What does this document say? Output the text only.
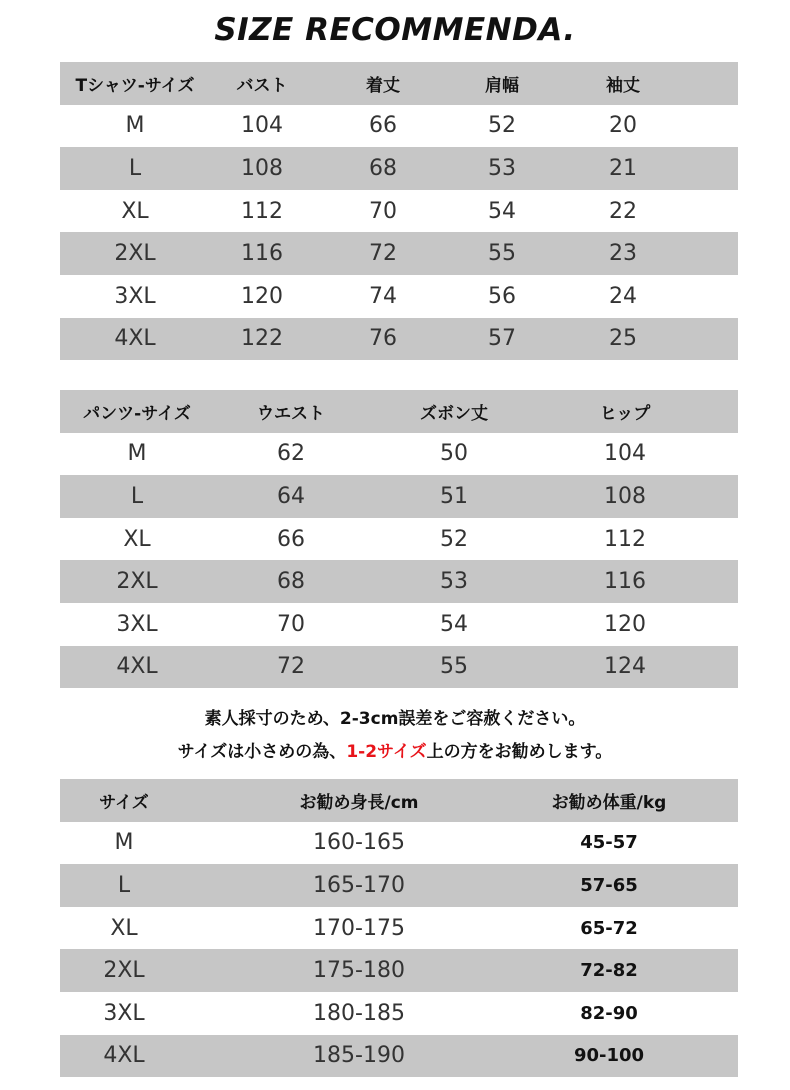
SIZE RECOMMENDA.
Tシャツ-サイズ	バスト	着丈	肩幅	袖丈
M	104	66	52	20
L	108	68	53	21
XL	112	70	54	22
2XL	116	72	55	23
3XL	120	74	56	24
4XL	122	76	57	25
パンツ-サイズ	ウエスト	ズボン丈	ヒップ
M	62	50	104
L	64	51	108
XL	66	52	112
2XL	68	53	116
3XL	70	54	120
4XL	72	55	124
素人採寸のため、2-3cm誤差をご容赦ください。
サイズは小さめの為、1-2サイズ上の方をお勧めします。
サイズ	お勧め身長/cm	お勧め体重/kg
M	160-165	45-57
L	165-170	57-65
XL	170-175	65-72
2XL	175-180	72-82
3XL	180-185	82-90
4XL	185-190	90-100
